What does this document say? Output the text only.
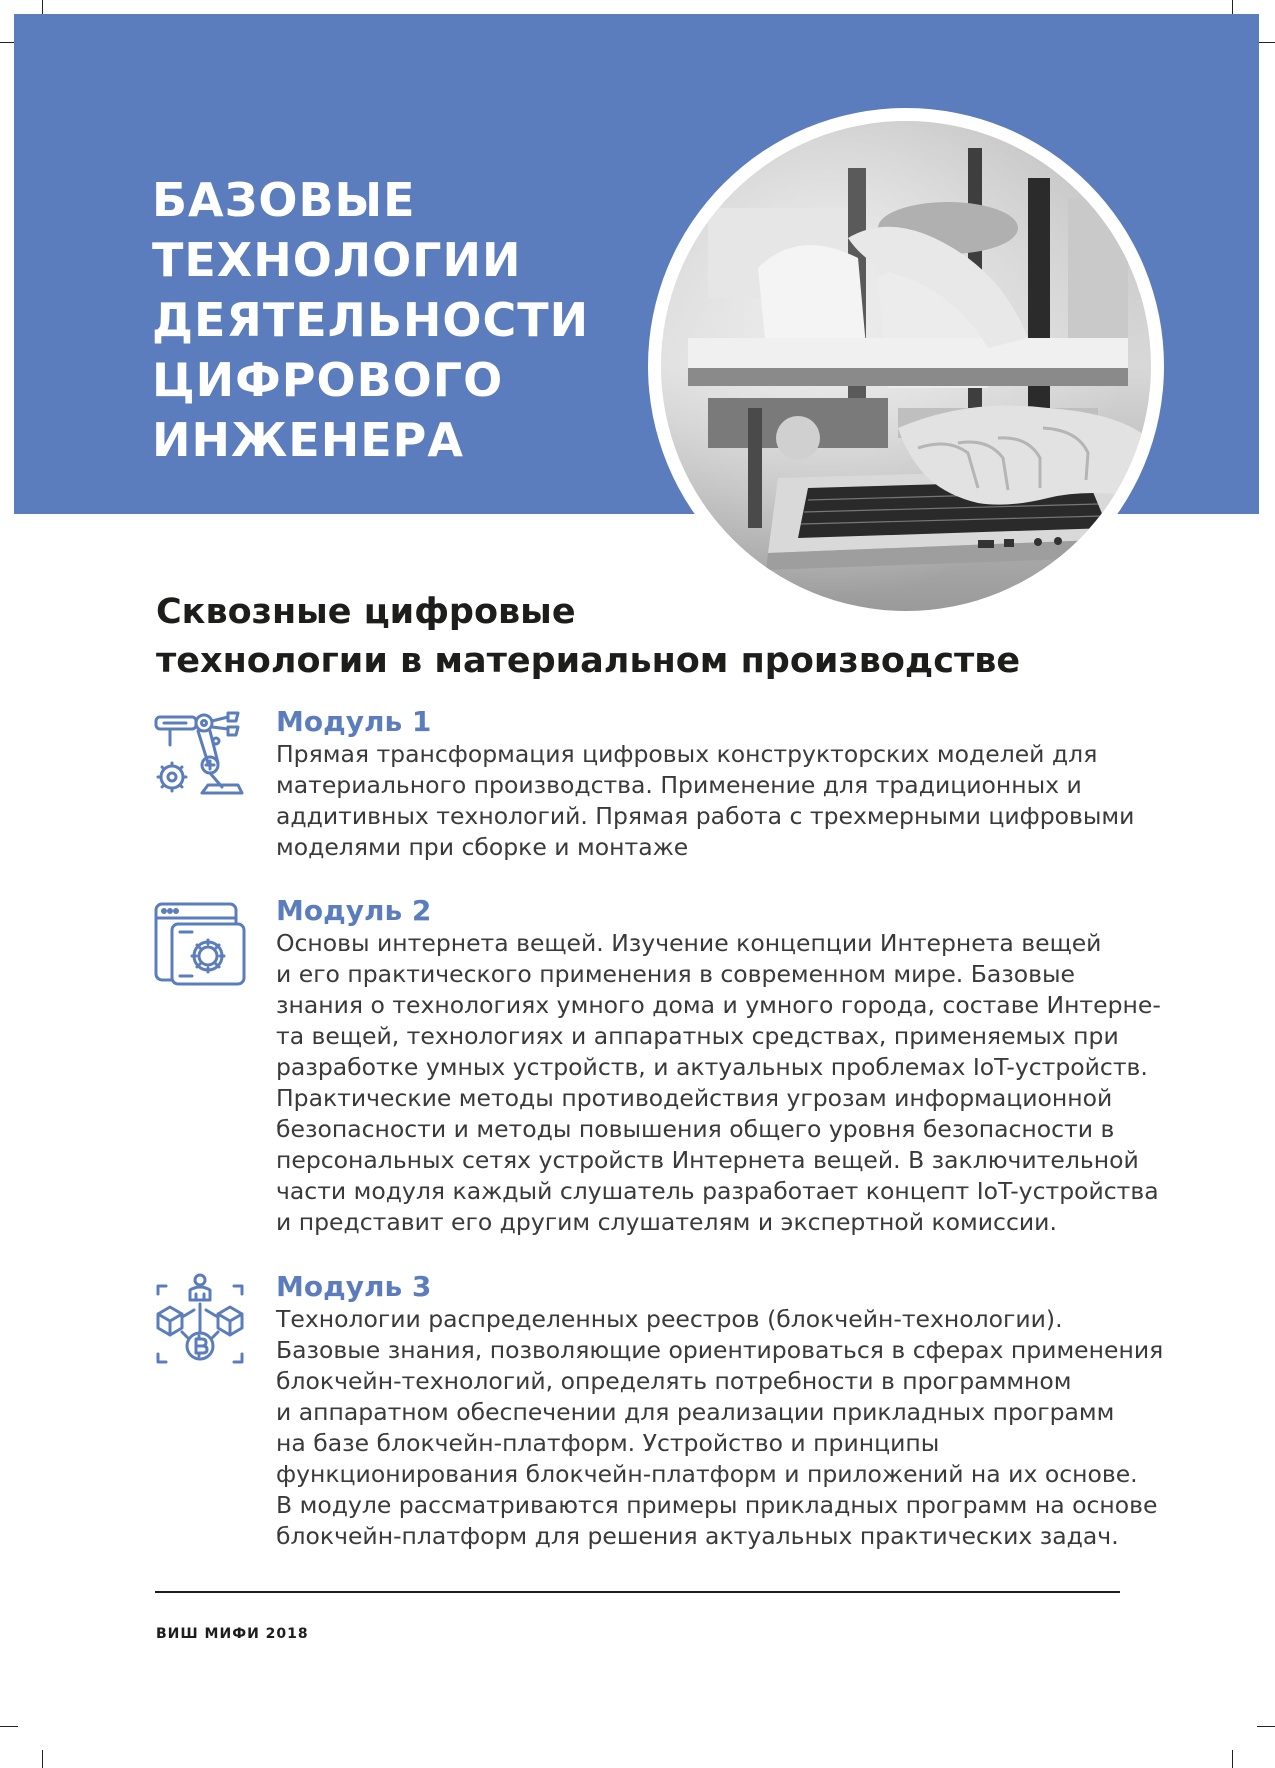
БАЗОВЫЕ
ТЕХНОЛОГИИ
ДЕЯТЕЛЬНОСТИ
ЦИФРОВОГО
ИНЖЕНЕРА
Сквозные цифровые
технологии в материальном производстве
Модуль 1
Прямая трансформация цифровых конструкторских моделей для
материального производства. Применение для традиционных и
аддитивных технологий. Прямая работа с трехмерными цифровыми
моделями при сборке и монтаже
Модуль 2
Основы интернета вещей. Изучение концепции Интернета вещей
и его практического применения в современном мире. Базовые
знания о технологиях умного дома и умного города, составе Интерне-
та вещей, технологиях и аппаратных средствах, применяемых при
разработке умных устройств, и актуальных проблемах IoT-устройств.
Практические методы противодействия угрозам информационной
безопасности и методы повышения общего уровня безопасности в
персональных сетях устройств Интернета вещей. В заключительной
части модуля каждый слушатель разработает концепт IoT-устройства
и представит его другим слушателям и экспертной комиссии.
Модуль 3
Технологии распределенных реестров (блокчейн-технологии).
Базовые знания, позволяющие ориентироваться в сферах применения
блокчейн-технологий, определять потребности в программном
и аппаратном обеспечении для реализации прикладных программ
на базе блокчейн-платформ. Устройство и принципы
функционирования блокчейн-платформ и приложений на их основе.
В модуле рассматриваются примеры прикладных программ на основе
блокчейн-платформ для решения актуальных практических задач.
ВИШ МИФИ 2018
